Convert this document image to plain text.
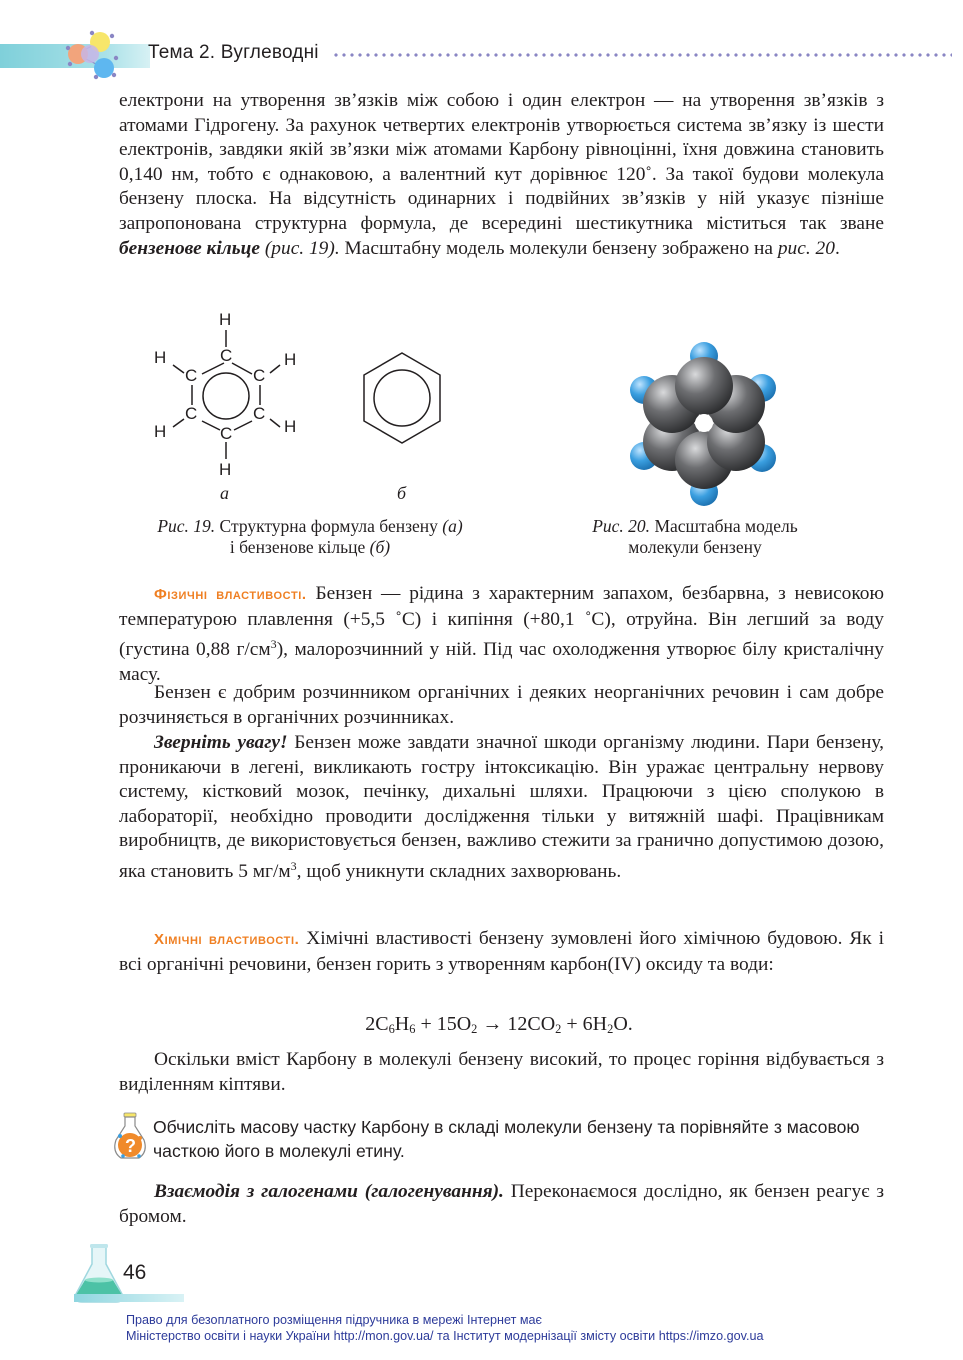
Тема 2. Вуглеводні

електрони на утворення зв’язків між собою і один електрон — на утворення зв’язків з атомами Гідрогену. За рахунок четвертих електронів утворюється система зв’язку із шести електронів, завдяки якій зв’язки між атомами Карбону рівноцінні, їхня довжина становить 0,140 нм, тобто є однаковою, а валентний кут дорівнює 120˚. За такої будови молекула бензену плоска. На відсутність одинарних і подвійних зв’язків у ній указує пізніше запропонована структурна формула, де всередині шестикутника міститься так зване бензенове кільце (рис. 19). Масштабну модель молекули бензену зображено на рис. 20.

H
C
H	H
C	C
C	C
H	H
C
H
а	б
Рис. 19. Структурна формула бензену (а)
і бензенове кільце (б)
Рис. 20. Масштабна модель
молекули бензену

Фізичні властивості. Бензен — рідина з характерним запахом, безбарвна, з невисокою температурою плавлення (+5,5 ˚С) і кипіння (+80,1 ˚С), отруйна. Він легший за воду (густина 0,88 $г/см^3$), малорозчинний у ній. Під час охолодження утворює білу кристалічну масу.

Бензен є добрим розчинником органічних і деяких неорганічних речовин і сам добре розчиняється в органічних розчинниках.

Зверніть увагу! Бензен може завдати значної шкоди організму людини. Пари бензену, проникаючи в легені, викликають гостру інтоксикацію. Він уражає центральну нервову систему, кістковий мозок, печінку, дихальні шляхи. Працюючи з цією сполукою в лабораторії, необхідно проводити дослідження тільки у витяжній шафі. Працівникам виробництв, де використовується бензен, важливо стежити за гранично допустимою дозою, яка становить 5 $мг/м^3$, щоб уникнути складних захворювань.

Хімічні властивості. Хімічні властивості бензену зумовлені його хімічною будовою. Як і всі органічні речовини, бензен горить з утворенням карбон(IV) оксиду та води:

$2C_6H_6 + 15O_2 \to 12CO_2 + 6H_2O$.

Оскільки вміст Карбону в молекулі бензену високий, то процес горіння відбувається з виділенням кіптяви.

?
Обчисліть масову частку Карбону в складі молекули бензену та порівняйте з масовою часткою його в молекулі етину.

Взаємодія з галогенами (галогенування). Переконаємося дослідно, як бензен реагує з бромом.

46
Право для безоплатного розміщення підручника в мережі Інтернет має
Міністерство освіти і науки України http://mon.gov.ua/ та Інститут модернізації змісту освіти https://imzo.gov.ua
